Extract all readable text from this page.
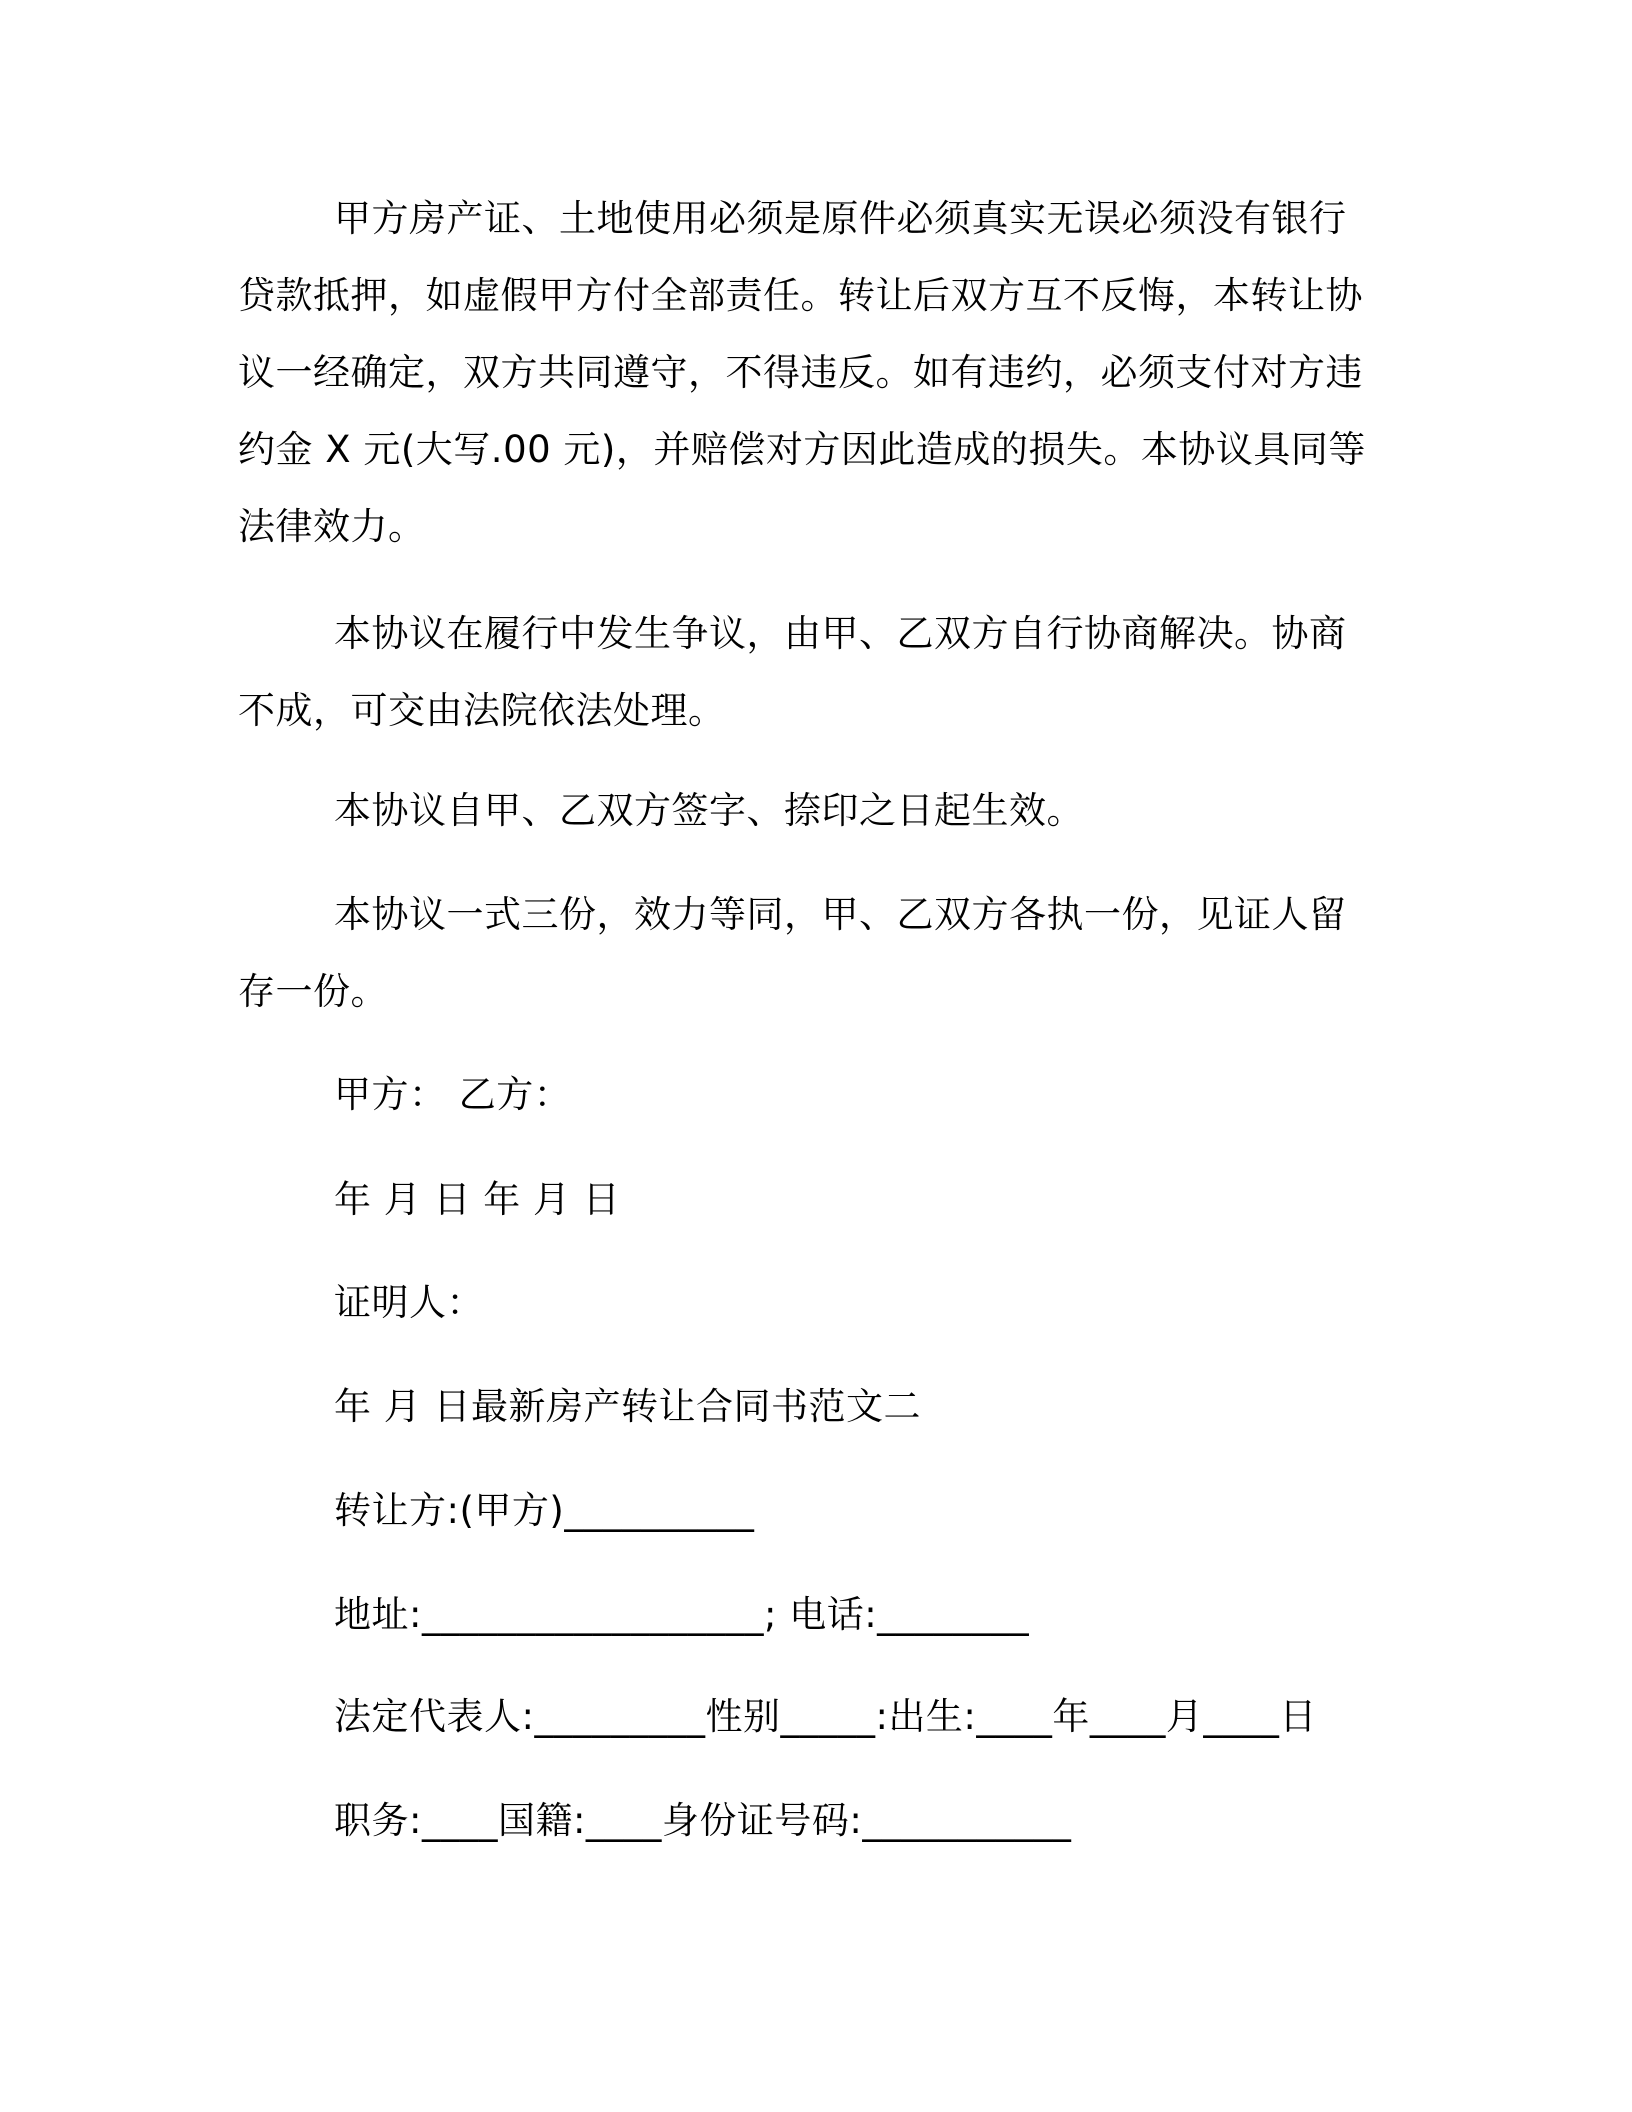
甲方房产证、土地使用必须是原件必须真实无误必须没有银行贷款抵押，如虚假甲方付全部责任。转让后双方互不反悔，本转让协议一经确定，双方共同遵守，不得违反。如有违约，必须支付对方违约金 X 元(大写.00 元)，并赔偿对方因此造成的损失。本协议具同等法律效力。

本协议在履行中发生争议，由甲、乙双方自行协商解决。协商不成，可交由法院依法处理。

本协议自甲、乙双方签字、捺印之日起生效。

本协议一式三份，效力等同，甲、乙双方各执一份，见证人留存一份。

甲方： 乙方：

年 月 日 年 月 日

证明人：

年 月 日最新房产转让合同书范文二

转让方:(甲方)__________

地址:__________________; 电话:________

法定代表人:_________性别_____:出生:____年____月____日

职务:____国籍:____身份证号码:___________
